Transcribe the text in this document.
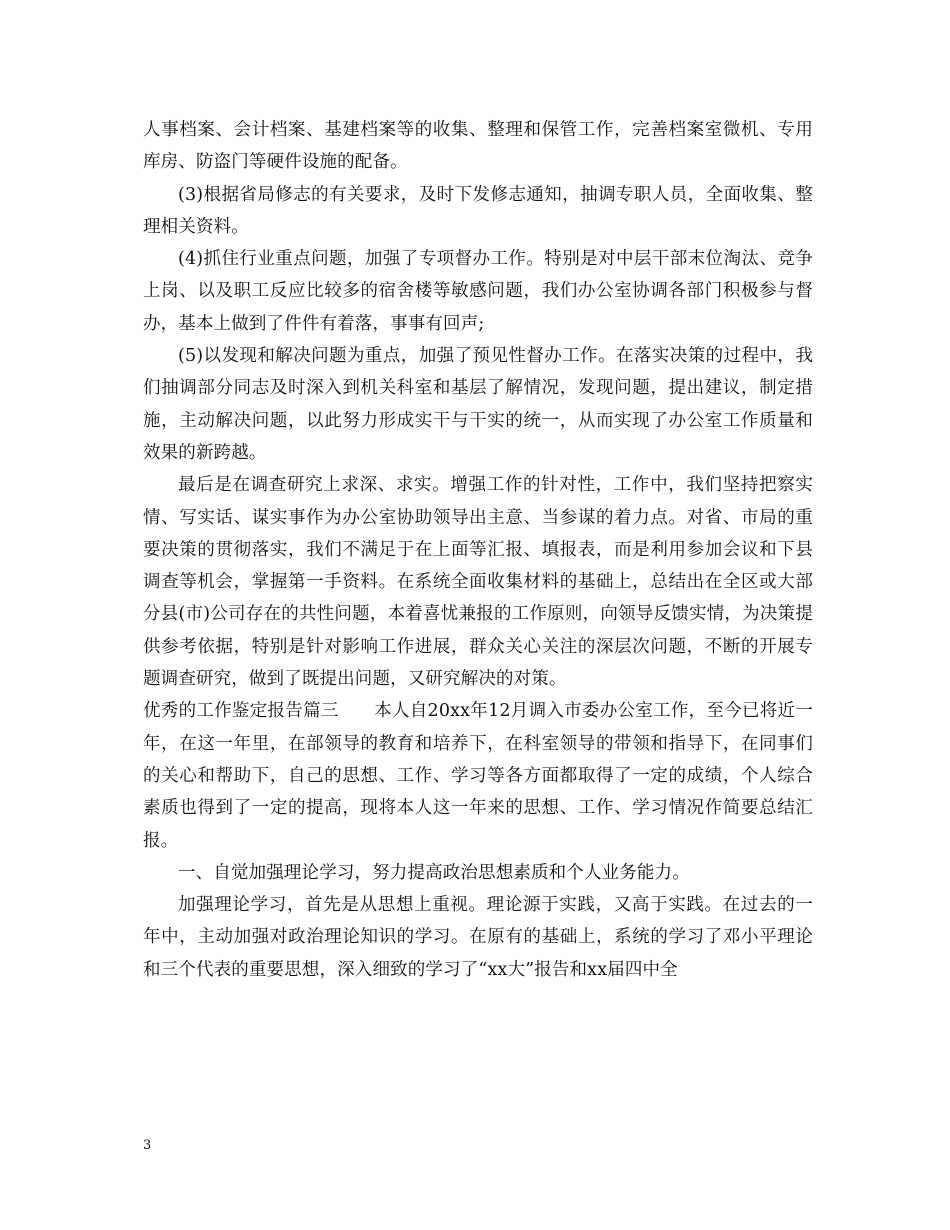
人事档案、会计档案、基建档案等的收集、整理和保管工作，完善档案室微机、专用库房、防盗门等硬件设施的配备。

(3)根据省局修志的有关要求，及时下发修志通知，抽调专职人员，全面收集、整理相关资料。

(4)抓住行业重点问题，加强了专项督办工作。特别是对中层干部末位淘汰、竞争上岗、以及职工反应比较多的宿舍楼等敏感问题，我们办公室协调各部门积极参与督办，基本上做到了件件有着落，事事有回声;

(5)以发现和解决问题为重点，加强了预见性督办工作。在落实决策的过程中，我们抽调部分同志及时深入到机关科室和基层了解情况，发现问题，提出建议，制定措施，主动解决问题，以此努力形成实干与干实的统一，从而实现了办公室工作质量和效果的新跨越。

最后是在调查研究上求深、求实。增强工作的针对性，工作中，我们坚持把察实情、写实话、谋实事作为办公室协助领导出主意、当参谋的着力点。对省、市局的重要决策的贯彻落实，我们不满足于在上面等汇报、填报表，而是利用参加会议和下县调查等机会，掌握第一手资料。在系统全面收集材料的基础上，总结出在全区或大部分县(市)公司存在的共性问题，本着喜忧兼报的工作原则，向领导反馈实情，为决策提供参考依据，特别是针对影响工作进展，群众关心关注的深层次问题，不断的开展专题调查研究，做到了既提出问题，又研究解决的对策。

优秀的工作鉴定报告篇三　　本人自20xx年12月调入市委办公室工作，至今已将近一年，在这一年里，在部领导的教育和培养下，在科室领导的带领和指导下，在同事们的关心和帮助下，自己的思想、工作、学习等各方面都取得了一定的成绩，个人综合素质也得到了一定的提高，现将本人这一年来的思想、工作、学习情况作简要总结汇报。

一、自觉加强理论学习，努力提高政治思想素质和个人业务能力。

加强理论学习，首先是从思想上重视。理论源于实践，又高于实践。在过去的一年中，主动加强对政治理论知识的学习。在原有的基础上，系统的学习了邓小平理论和三个代表的重要思想，深入细致的学习了“xx大”报告和xx届四中全

3
